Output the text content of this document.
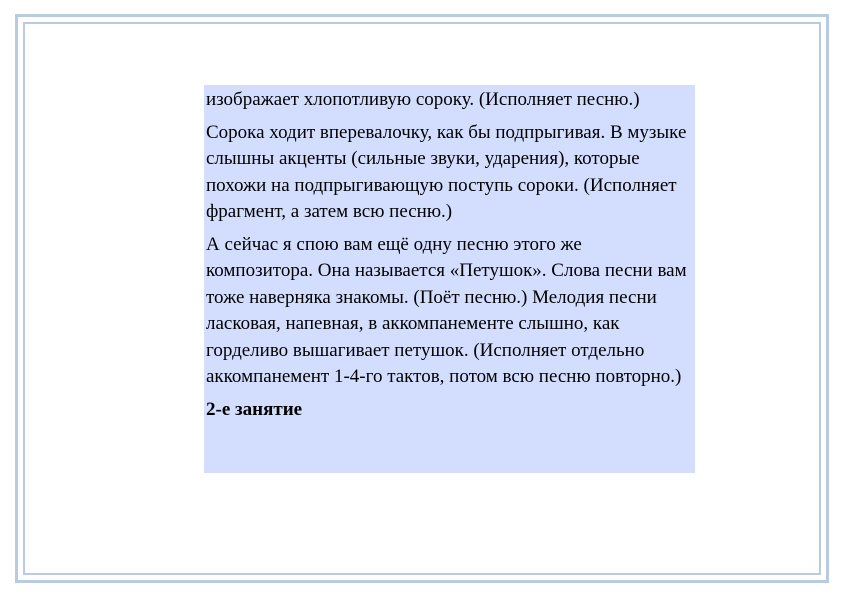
изображает хлопотливую сороку. (Исполняет песню.)

Сорока ходит вперевалочку, как бы подпрыгивая. В музыке слышны акценты (сильные звуки, ударения), которые похожи на подпрыгивающую поступь сороки. (Исполняет фрагмент, а затем всю песню.)

А сейчас я спою вам ещё одну песню этого же композитора. Она называется «Петушок». Слова песни вам тоже наверняка знакомы. (Поёт песню.) Мелодия песни ласковая, напевная, в аккомпанементе слышно, как горделиво вышагивает петушок. (Исполняет отдельно аккомпанемент 1-4-го тактов, потом всю песню повторно.)

2-е занятие
